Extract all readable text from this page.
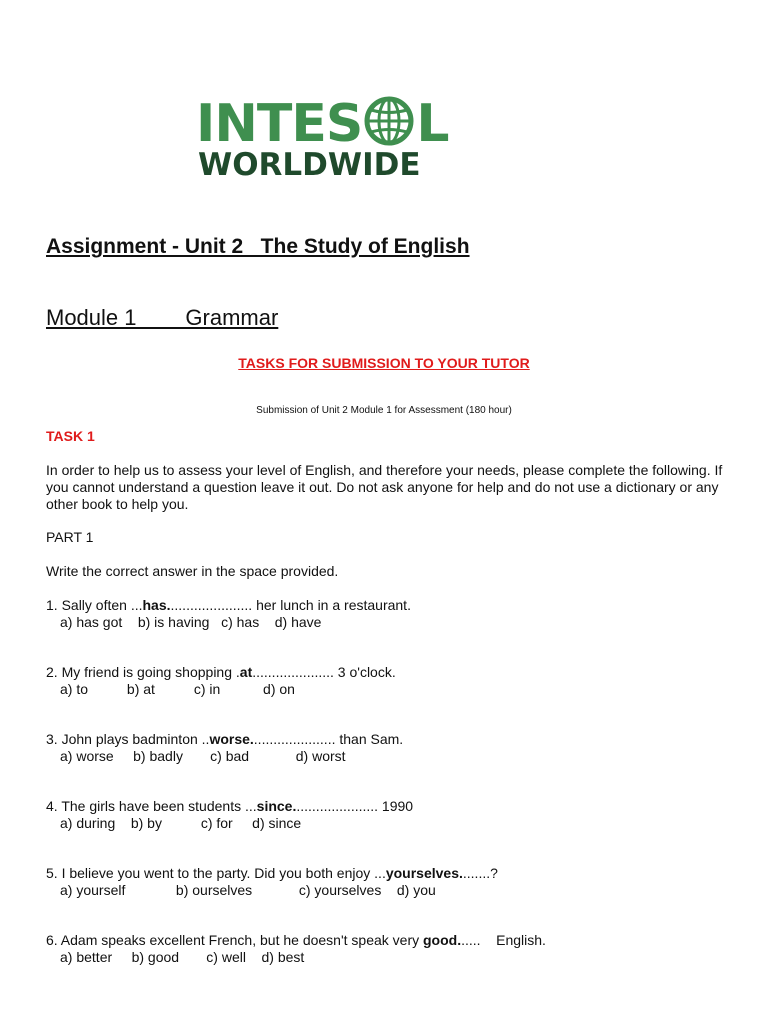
INTES L
WORLDWIDE
Assignment - Unit 2   The Study of English
Module 1        Grammar
TASKS FOR SUBMISSION TO YOUR TUTOR
Submission of Unit 2 Module 1 for Assessment (180 hour)
TASK 1
In order to help us to assess your level of English, and therefore your needs, please complete the following. If you cannot understand a question leave it out. Do not ask anyone for help and do not use a dictionary or any other book to help you.
PART 1
Write the correct answer in the space provided.
1. Sally often ...has...................... her lunch in a restaurant.
a) has got    b) is having   c) has    d) have
2. My friend is going shopping .at..................... 3 o'clock.
a) to          b) at          c) in           d) on
3. John plays badminton ..worse...................... than Sam.
a) worse     b) badly       c) bad            d) worst
4. The girls have been students ...since...................... 1990
a) during    b) by          c) for     d) since
5. I believe you went to the party. Did you both enjoy ...yourselves........?
a) yourself             b) ourselves            c) yourselves    d) you
6. Adam speaks excellent French, but he doesn't speak very good......    English.
a) better     b) good       c) well    d) best
